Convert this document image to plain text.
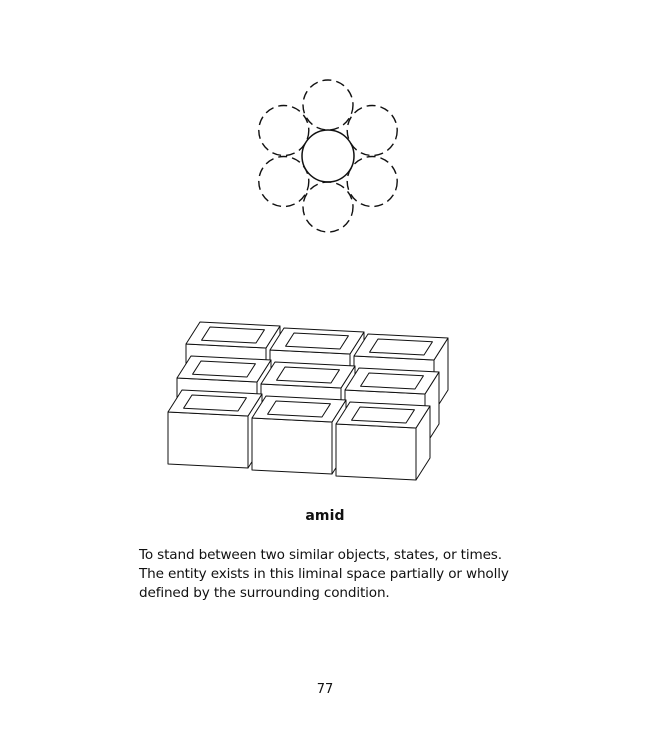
amid
To stand between two similar objects, states, or times. The entity exists in this liminal space partially or wholly defined by the surrounding condition.
77
